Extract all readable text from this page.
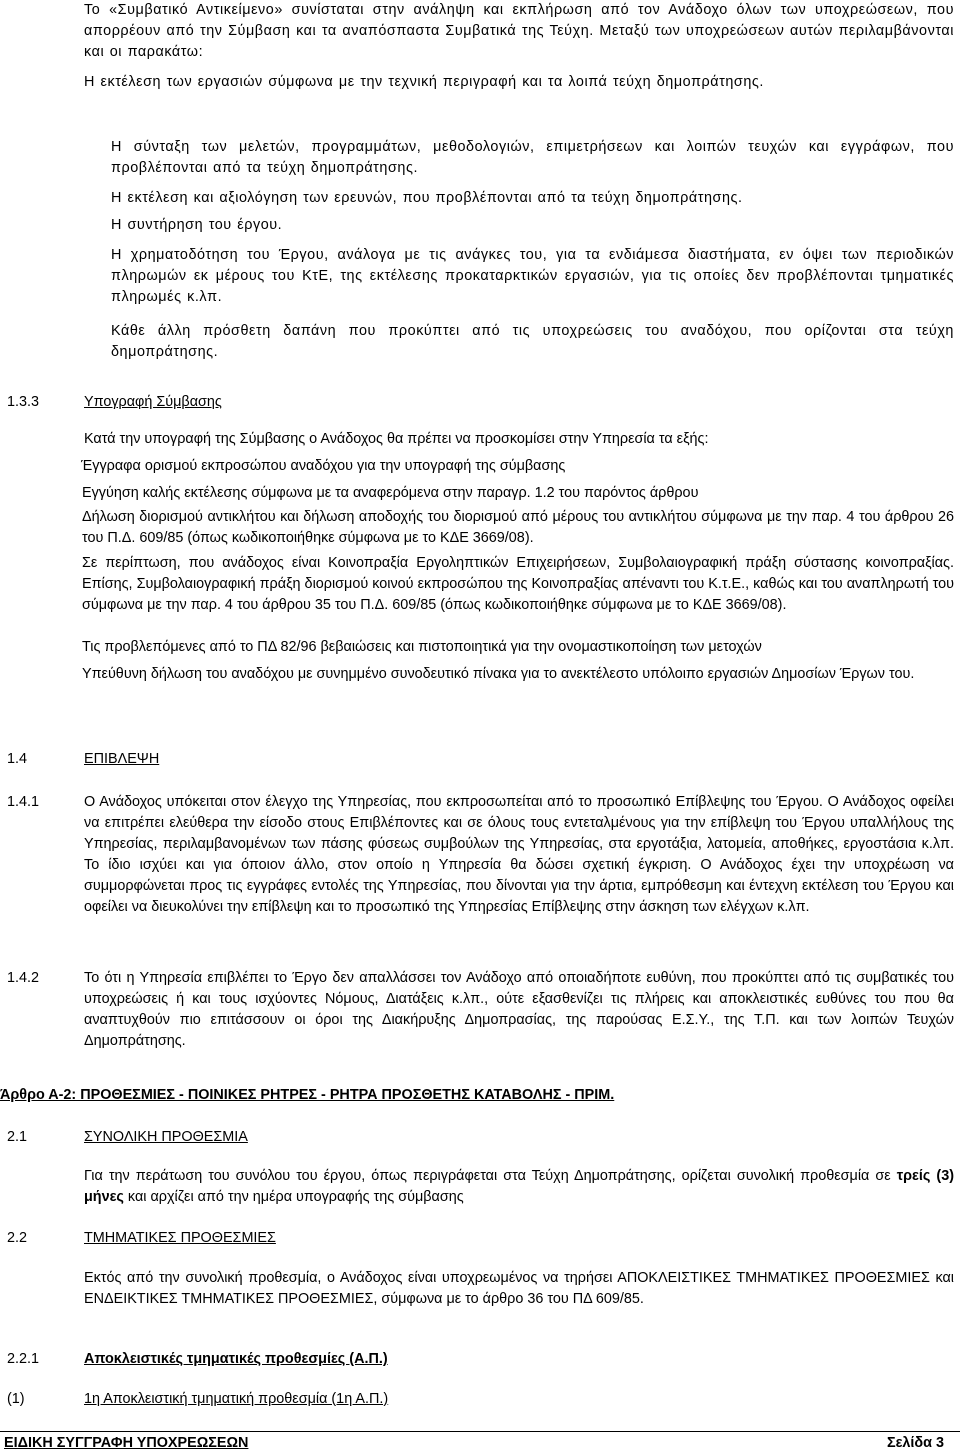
Το «Συμβατικό Αντικείμενο» συνίσταται στην ανάληψη και εκπλήρωση από τον Ανάδοχο όλων των υποχρεώσεων, που απορρέουν από την Σύμβαση και τα αναπόσπαστα Συμβατικά της Τεύχη. Μεταξύ των υποχρεώσεων αυτών περιλαμβάνονται και οι παρακάτω:

Η εκτέλεση των εργασιών σύμφωνα με την τεχνική περιγραφή και τα λοιπά τεύχη δημοπράτησης.

Η σύνταξη των μελετών, προγραμμάτων, μεθοδολογιών, επιμετρήσεων και λοιπών τευχών και εγγράφων, που προβλέπονται από τα τεύχη δημοπράτησης.

Η εκτέλεση και αξιολόγηση των ερευνών, που προβλέπονται από τα τεύχη δημοπράτησης.

Η συντήρηση του έργου.

Η χρηματοδότηση του Έργου, ανάλογα με τις ανάγκες του, για τα ενδιάμεσα διαστήματα, εν όψει των περιοδικών πληρωμών εκ μέρους του ΚτΕ, της εκτέλεσης προκαταρκτικών εργασιών, για τις οποίες δεν προβλέπονται τμηματικές πληρωμές κ.λπ.

Κάθε άλλη πρόσθετη δαπάνη που προκύπτει από τις υποχρεώσεις του αναδόχου, που ορίζονται στα τεύχη δημοπράτησης.

1.3.3	Υπογραφή Σύμβασης

Κατά την υπογραφή της Σύμβασης ο Ανάδοχος θα πρέπει να προσκομίσει στην Υπηρεσία τα εξής:

Έγγραφα ορισμού εκπροσώπου αναδόχου για την υπογραφή της σύμβασης

Εγγύηση καλής εκτέλεσης σύμφωνα με τα αναφερόμενα στην παραγρ. 1.2 του παρόντος άρθρου

Δήλωση διορισμού αντικλήτου και δήλωση αποδοχής του διορισμού από μέρους του αντικλήτου σύμφωνα με την παρ. 4 του άρθρου 26 του Π.Δ. 609/85 (όπως κωδικοποιήθηκε σύμφωνα με το ΚΔΕ 3669/08).

Σε περίπτωση, που ανάδοχος είναι Κοινοπραξία Εργοληπτικών Επιχειρήσεων, Συμβολαιογραφική πράξη σύστασης κοινοπραξίας. Επίσης, Συμβολαιογραφική πράξη διορισμού κοινού εκπροσώπου της Κοινοπραξίας απέναντι του Κ.τ.Ε., καθώς και του αναπληρωτή του σύμφωνα με την παρ. 4 του άρθρου 35 του Π.Δ. 609/85 (όπως κωδικοποιήθηκε σύμφωνα με το ΚΔΕ 3669/08).

Τις προβλεπόμενες από το ΠΔ 82/96 βεβαιώσεις και πιστοποιητικά για την ονομαστικοποίηση των μετοχών

Υπεύθυνη δήλωση του αναδόχου με συνημμένο συνοδευτικό πίνακα για το ανεκτέλεστο υπόλοιπο εργασιών Δημοσίων Έργων του.

1.4	ΕΠΙΒΛΕΨΗ
1.4.1	Ο Ανάδοχος υπόκειται στον έλεγχο της Υπηρεσίας, που εκπροσωπείται από το προσωπικό Επίβλεψης του Έργου. Ο Ανάδοχος οφείλει να επιτρέπει ελεύθερα την είσοδο στους Επιβλέποντες και σε όλους τους εντεταλμένους για την επίβλεψη του Έργου υπαλλήλους της Υπηρεσίας, περιλαμβανομένων των πάσης φύσεως συμβούλων της Υπηρεσίας, στα εργοτάξια, λατομεία, αποθήκες, εργοστάσια κ.λπ. Το ίδιο ισχύει και για όποιον άλλο, στον οποίο η Υπηρεσία θα δώσει σχετική έγκριση. Ο Ανάδοχος έχει την υποχρέωση να συμμορφώνεται προς τις εγγράφες εντολές της Υπηρεσίας, που δίνονται για την άρτια, εμπρόθεσμη και έντεχνη εκτέλεση του Έργου και οφείλει να διευκολύνει την επίβλεψη και το προσωπικό της Υπηρεσίας Επίβλεψης στην άσκηση των ελέγχων κ.λπ.

1.4.2	Το ότι η Υπηρεσία επιβλέπει το Έργο δεν απαλλάσσει τον Ανάδοχο από οποιαδήποτε ευθύνη, που προκύπτει από τις συμβατικές του υποχρεώσεις ή και τους ισχύοντες Νόμους, Διατάξεις κ.λπ., ούτε εξασθενίζει τις πλήρεις και αποκλειστικές ευθύνες του που θα αναπτυχθούν πιο επιτάσσουν οι όροι της Διακήρυξης Δημοπρασίας, της παρούσας Ε.Σ.Υ., της Τ.Π. και των λοιπών Τευχών Δημοπράτησης.

Άρθρο Α-2: ΠΡΟΘΕΣΜΙΕΣ - ΠΟΙΝΙΚΕΣ ΡΗΤΡΕΣ - ΡΗΤΡΑ ΠΡΟΣΘΕΤΗΣ ΚΑΤΑΒΟΛΗΣ - ΠΡΙΜ.
2.1	ΣΥΝΟΛΙΚΗ ΠΡΟΘΕΣΜΙΑ

Για την περάτωση του συνόλου του έργου, όπως περιγράφεται στα Τεύχη Δημοπράτησης, ορίζεται συνολική προθεσμία σε τρείς (3) μήνες και αρχίζει από την ημέρα υπογραφής της σύμβασης

2.2	ΤΜΗΜΑΤΙΚΕΣ ΠΡΟΘΕΣΜΙΕΣ

Εκτός από την συνολική προθεσμία, ο Ανάδοχος είναι υποχρεωμένος να τηρήσει ΑΠΟΚΛΕΙΣΤΙΚΕΣ ΤΜΗΜΑΤΙΚΕΣ ΠΡΟΘΕΣΜΙΕΣ και ΕΝΔΕΙΚΤΙΚΕΣ ΤΜΗΜΑΤΙΚΕΣ ΠΡΟΘΕΣΜΙΕΣ, σύμφωνα με το άρθρο 36 του ΠΔ 609/85.

2.2.1	Αποκλειστικές τμηματικές προθεσμίες (Α.Π.)
(1)	1η Αποκλειστική τμηματική προθεσμία (1η Α.Π.)
ΕΙΔΙΚΗ ΣΥΓΓΡΑΦΗ ΥΠΟΧΡΕΩΣΕΩΝ	Σελίδα 3
